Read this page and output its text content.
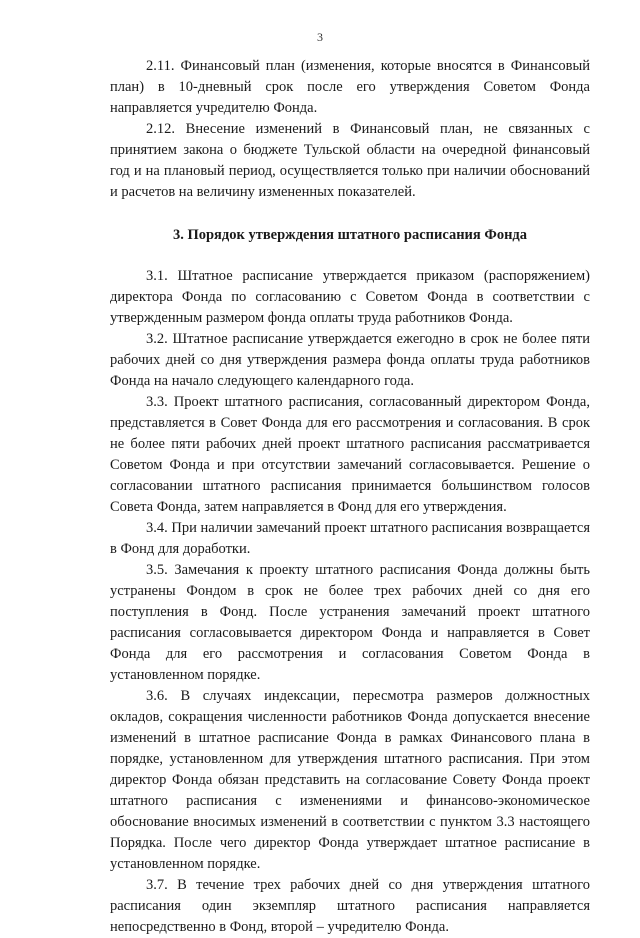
3

2.11. Финансовый план (изменения, которые вносятся в Финансовый план) в 10-дневный срок после его утверждения Советом Фонда направляется учредителю Фонда.

2.12. Внесение изменений в Финансовый план, не связанных с принятием закона о бюджете Тульской области на очередной финансовый год и на плановый период, осуществляется только при наличии обоснований и расчетов на величину измененных показателей.

3. Порядок утверждения штатного расписания Фонда

3.1. Штатное расписание утверждается приказом (распоряжением) директора Фонда по согласованию с Советом Фонда в соответствии с утвержденным размером фонда оплаты труда работников Фонда.

3.2. Штатное расписание утверждается ежегодно в срок не более пяти рабочих дней со дня утверждения размера фонда оплаты труда работников Фонда на начало следующего календарного года.

3.3. Проект штатного расписания, согласованный директором Фонда, представляется в Совет Фонда для его рассмотрения и согласования. В срок не более пяти рабочих дней проект штатного расписания рассматривается Советом Фонда и при отсутствии замечаний согласовывается. Решение о согласовании штатного расписания принимается большинством голосов Совета Фонда, затем направляется в Фонд для его утверждения.

3.4. При наличии замечаний проект штатного расписания возвращается в Фонд для доработки.

3.5. Замечания к проекту штатного расписания Фонда должны быть устранены Фондом в срок не более трех рабочих дней со дня его поступления в Фонд. После устранения замечаний проект штатного расписания согласовывается директором Фонда и направляется в Совет Фонда для его рассмотрения и согласования Советом Фонда в установленном порядке.

3.6. В случаях индексации, пересмотра размеров должностных окладов, сокращения численности работников Фонда допускается внесение изменений в штатное расписание Фонда в рамках Финансового плана в порядке, установленном для утверждения штатного расписания. При этом директор Фонда обязан представить на согласование Совету Фонда проект штатного расписания с изменениями и финансово-экономическое обоснование вносимых изменений в соответствии с пунктом 3.3 настоящего Порядка. После чего директор Фонда утверждает штатное расписание в установленном порядке.

3.7. В течение трех рабочих дней со дня утверждения штатного расписания один экземпляр штатного расписания направляется непосредственно в Фонд, второй – учредителю Фонда.
